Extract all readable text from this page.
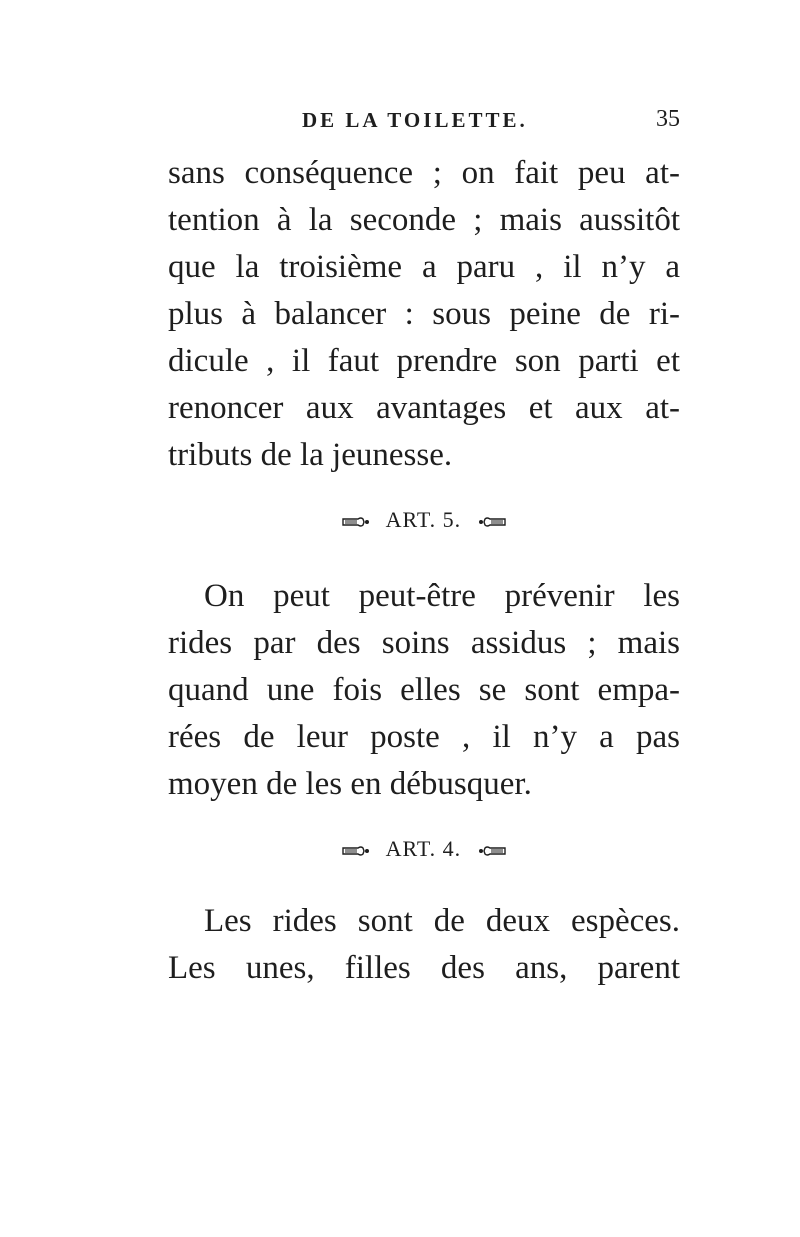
DE LA TOILETTE.	35
sans conséquence ; on fait peu at-
tention à la seconde ; mais aussitôt
que la troisième a paru , il n’y a
plus à balancer : sous peine de ri-
dicule , il faut prendre son parti et
renoncer aux avantages et aux at-
tributs de la jeunesse.
ART. 5.
On peut peut-être prévenir les
rides par des soins assidus ; mais
quand une fois elles se sont empa-
rées de leur poste , il n’y a pas
moyen de les en débusquer.
ART. 4.
Les rides sont de deux espèces.
Les unes, filles des ans, parent
